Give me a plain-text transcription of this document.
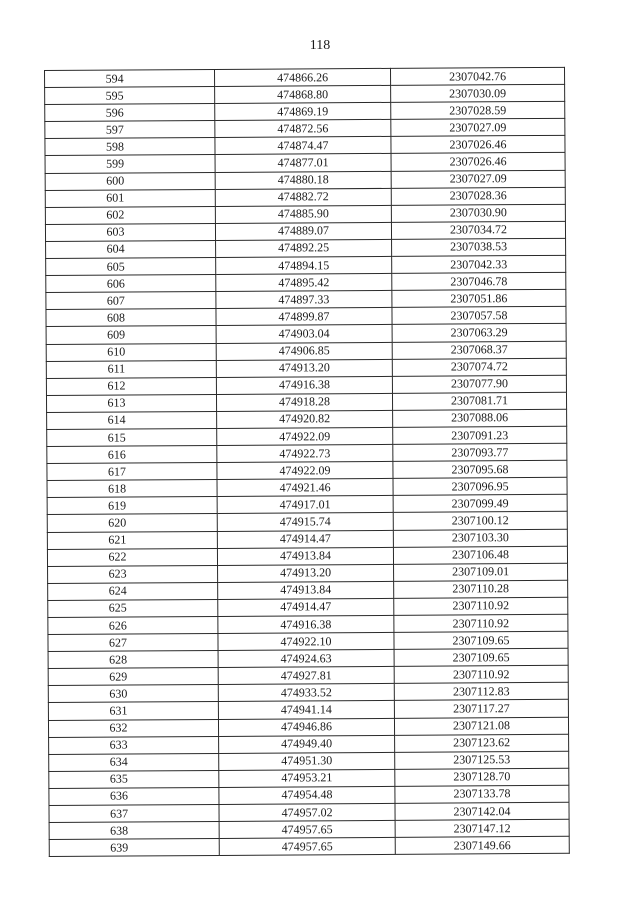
118
594	474866.26	2307042.76
595	474868.80	2307030.09
596	474869.19	2307028.59
597	474872.56	2307027.09
598	474874.47	2307026.46
599	474877.01	2307026.46
600	474880.18	2307027.09
601	474882.72	2307028.36
602	474885.90	2307030.90
603	474889.07	2307034.72
604	474892.25	2307038.53
605	474894.15	2307042.33
606	474895.42	2307046.78
607	474897.33	2307051.86
608	474899.87	2307057.58
609	474903.04	2307063.29
610	474906.85	2307068.37
611	474913.20	2307074.72
612	474916.38	2307077.90
613	474918.28	2307081.71
614	474920.82	2307088.06
615	474922.09	2307091.23
616	474922.73	2307093.77
617	474922.09	2307095.68
618	474921.46	2307096.95
619	474917.01	2307099.49
620	474915.74	2307100.12
621	474914.47	2307103.30
622	474913.84	2307106.48
623	474913.20	2307109.01
624	474913.84	2307110.28
625	474914.47	2307110.92
626	474916.38	2307110.92
627	474922.10	2307109.65
628	474924.63	2307109.65
629	474927.81	2307110.92
630	474933.52	2307112.83
631	474941.14	2307117.27
632	474946.86	2307121.08
633	474949.40	2307123.62
634	474951.30	2307125.53
635	474953.21	2307128.70
636	474954.48	2307133.78
637	474957.02	2307142.04
638	474957.65	2307147.12
639	474957.65	2307149.66
